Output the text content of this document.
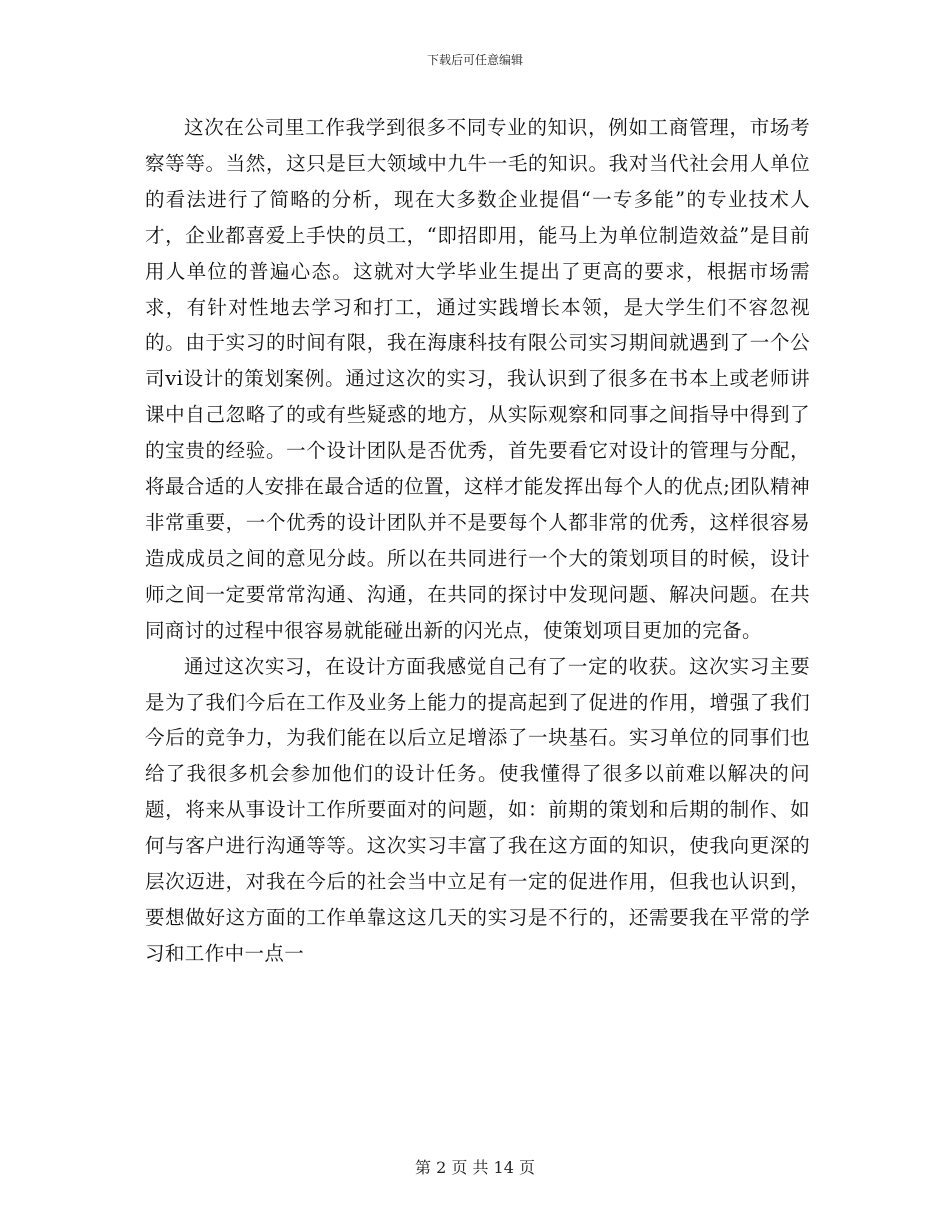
下载后可任意编辑

这次在公司里工作我学到很多不同专业的知识，例如工商管理，市场考察等等。当然，这只是巨大领域中九牛一毛的知识。我对当代社会用人单位的看法进行了简略的分析，现在大多数企业提倡“一专多能”的专业技术人才，企业都喜爱上手快的员工，“即招即用，能马上为单位制造效益”是目前用人单位的普遍心态。这就对大学毕业生提出了更高的要求，根据市场需求，有针对性地去学习和打工，通过实践增长本领，是大学生们不容忽视的。由于实习的时间有限，我在海康科技有限公司实习期间就遇到了一个公司vi设计的策划案例。通过这次的实习，我认识到了很多在书本上或老师讲课中自己忽略了的或有些疑惑的地方，从实际观察和同事之间指导中得到了的宝贵的经验。一个设计团队是否优秀，首先要看它对设计的管理与分配，将最合适的人安排在最合适的位置，这样才能发挥出每个人的优点;团队精神非常重要，一个优秀的设计团队并不是要每个人都非常的优秀，这样很容易造成成员之间的意见分歧。所以在共同进行一个大的策划项目的时候，设计师之间一定要常常沟通、沟通，在共同的探讨中发现问题、解决问题。在共同商讨的过程中很容易就能碰出新的闪光点，使策划项目更加的完备。

通过这次实习，在设计方面我感觉自己有了一定的收获。这次实习主要是为了我们今后在工作及业务上能力的提高起到了促进的作用，增强了我们今后的竞争力，为我们能在以后立足增添了一块基石。实习单位的同事们也给了我很多机会参加他们的设计任务。使我懂得了很多以前难以解决的问题，将来从事设计工作所要面对的问题，如：前期的策划和后期的制作、如何与客户进行沟通等等。这次实习丰富了我在这方面的知识，使我向更深的层次迈进，对我在今后的社会当中立足有一定的促进作用，但我也认识到，要想做好这方面的工作单靠这这几天的实习是不行的，还需要我在平常的学习和工作中一点一

第 2 页 共 14 页
